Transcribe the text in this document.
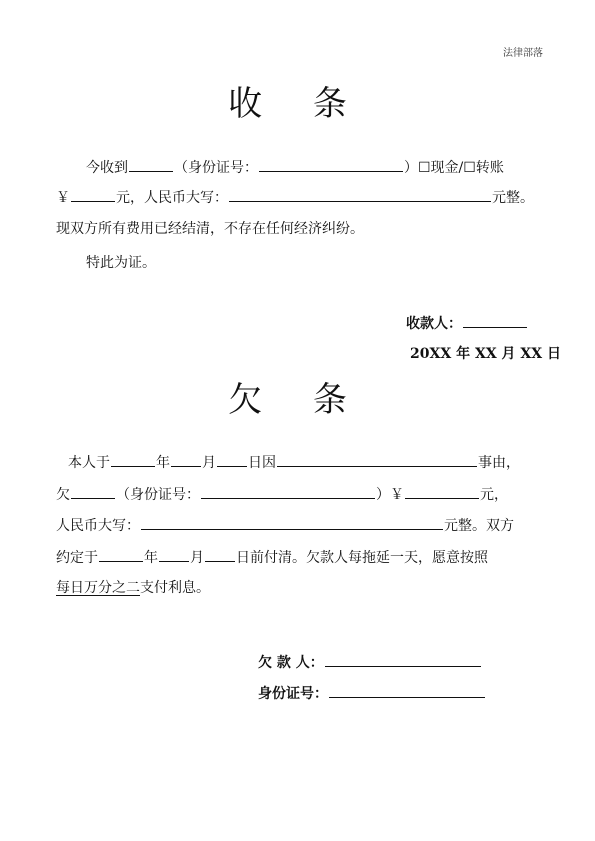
法律部落
收 条
今收到	（身份证号：	）☐现金/☐转账
￥	元，人民币大写：	元整。
现双方所有费用已经结清，不存在任何经济纠纷。
特此为证。
收款人：
20XX 年 XX 月 XX 日
欠 条
本人于	年 月 日因	事由，
欠	（身份证号：	）￥	元，
人民币大写：	元整。双方
约定于	年 月 日前付清。欠款人每拖延一天，愿意按照
每日万分之二支付利息。
欠 款 人：
身份证号：
